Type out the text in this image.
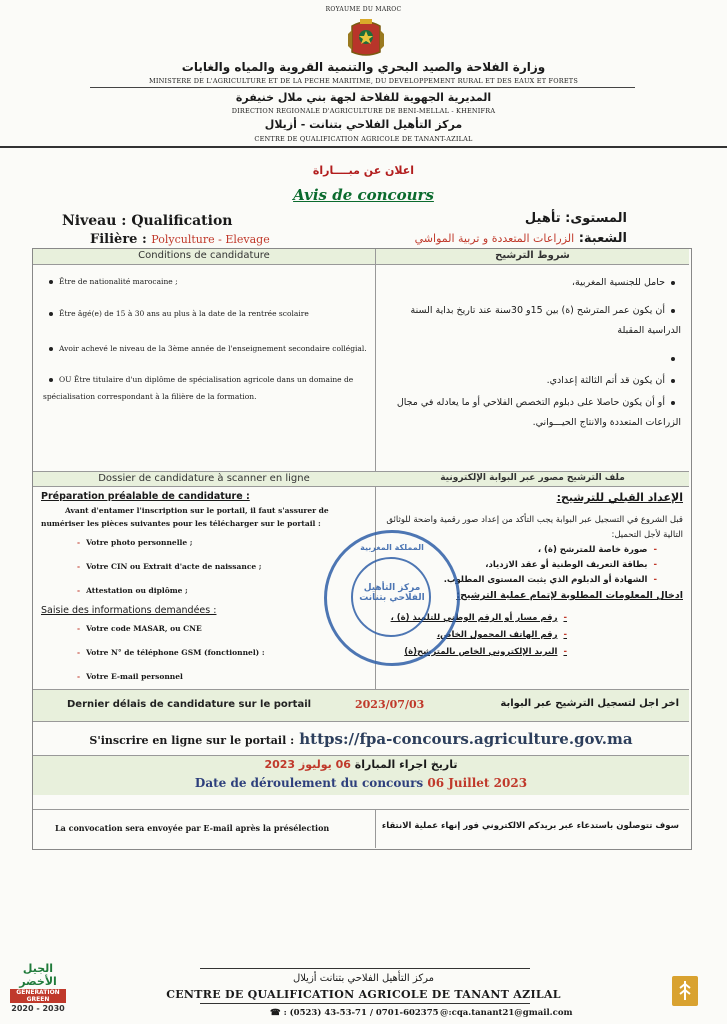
ROYAUME DU MAROC
وزارة الفلاحة والصيد البحري والتنمية القروية والمياه والغابات
MINISTERE DE L'AGRICULTURE ET DE LA PECHE MARITIME, DU DEVELOPPEMENT RURAL ET DES EAUX ET FORETS
المديرية الجهوية للفلاحة لجهة بني ملال خنيفرة
DIRECTION REGIONALE D'AGRICULTURE DE BENI-MELLAL - KHENIFRA
مركز التأهيل الفلاحي بتنانت - أزيلال
CENTRE DE QUALIFICATION AGRICOLE DE TANANT-AZILAL
اعلان عن مبــــاراة
Avis de concours
Niveau : Qualification
Filière : Polyculture - Elevage
المستوى: تأهيل
الشعبة: الزراعات المتعددة و تربية المواشي
Conditions de candidature	شروط الترشيح
Être de nationalité marocaine ;
Être âgé(e) de 15 à 30 ans au plus à la date de la rentrée scolaire
Avoir achevé le niveau de la 3ème année de l'enseignement secondaire collégial.
OU Être titulaire d'un diplôme de spécialisation agricole dans un domaine de spécialisation correspondant à la filière de la formation.
حامل للجنسية المغربية،
أن يكون عمر المترشح (ة) بين 15و 30سنة عند تاريخ بداية السنة الدراسية المقبلة
أن يكون قد أتم الثالثة إعدادي.
أو أن يكون حاصلا على دبلوم التخصص الفلاحي أو ما يعادله في مجال الزراعات المتعددة والانتاج الحيـــواني.
Dossier de candidature à scanner en ligne	ملف الترشيح مصور عبر البوابة الإلكترونية
Préparation préalable de candidature :
Avant d'entamer l'inscription sur le portail, il faut s'assurer de numériser les pièces suivantes pour les télécharger sur le portail :
- Votre photo personnelle ;
- Votre CIN ou Extrait d'acte de naissance ;
- Attestation ou diplôme ;
Saisie des informations demandées :
- Votre code MASAR, ou CNE
- Votre N° de téléphone GSM (fonctionnel) :
- Votre E-mail personnel
الإعداد القبلي للترشيح:
قبل الشروع في التسجيل عبر البوابة يجب التأكد من إعداد صور رقمية واضحة للوثائق التالية لأجل التحميل:
-صورة خاصة للمترشح (ة) ،
-بطاقة التعريف الوطنية أو عقد الازدياد،
-الشهادة أو الدبلوم الذي يثبت المستوى المطلوب.
ادخال المعلومات المطلوبة لإتمام عملية الترشيح:
-رقم مسار أو الرقم الوطني للتلميذ (ة) ،
-رقم الهاتف المحمول الخاص،
-البريد الإلكتروني الخاص بالمترشح(ة)
Dernier délais de candidature sur le portail	2023/07/03	اخر اجل لتسجيل الترشيح عبر البوابة
S'inscrire en ligne sur le portail : https://fpa-concours.agriculture.gov.ma
تاريخ اجراء المباراة 06 يوليوز 2023
Date de déroulement du concours 06 Juillet 2023
La convocation sera envoyée par E-mail après la présélection	سوف تتوصلون باستدعاء عبر بريدكم الالكتروني فور إنهاء عملية الانتقاء
المملكة المغربية
مركز التأهيل الفلاحي بتنانت
مركز التأهيل الفلاحي بتنانت أزيلال
CENTRE DE QUALIFICATION AGRICOLE DE TANANT AZILAL
☎ : (0523) 43-53-71 / 0701-602375 @:cqa.tanant21@gmail.com
الجيل الأخضر
GÉNÉRATION GREEN
2020 - 2030
